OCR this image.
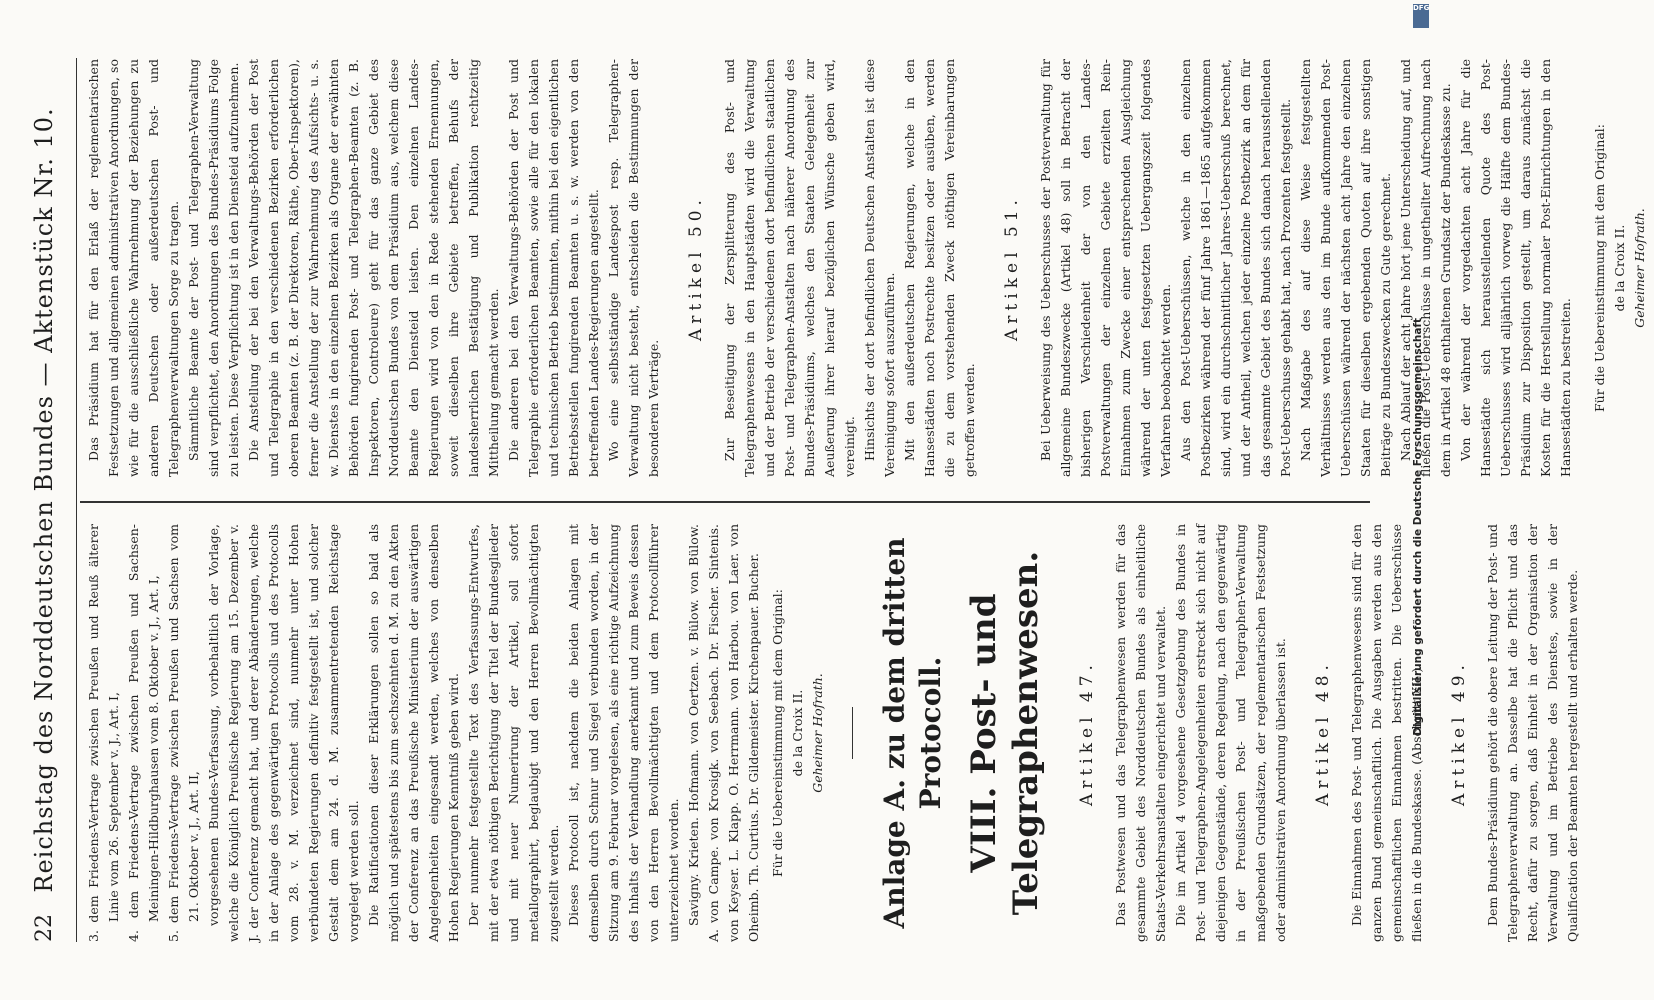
22
Reichstag des Norddeutschen Bundes — Aktenstück Nr. 10. 3. dem Friedens-Vertrage zwischen Preußen und Reuß älterer Linie vom 26. September v. J., Art. I, 4. dem Friedens-Vertrage zwischen Preußen und Sachsen-Meiningen-Hildburghausen vom 8. Oktober v. J., Art. I, 5. dem Friedens-Vertrage zwischen Preußen und Sachsen vom 21. Oktober v. J., Art. II, vorgesehenen Bundes-Verfassung, vorbehaltlich der Vorlage, welche die Königlich Preußische Regierung am 15. Dezember v. J. der Conferenz gemacht hat, und derer Abänderungen, welche in der Anlage des gegenwärtigen Protocolls und des Protocolls vom 28. v. M. verzeichnet sind, nunmehr unter Hohen verbündeten Regierungen definitiv festgestellt ist, und solcher Gestalt dem am 24. d. M. zusammentretenden Reichstage vorgelegt werden soll. Die Ratificationen dieser Erklärungen sollen so bald als möglich und spätestens bis zum sechszehnten d. M. zu den Akten der Conferenz an das Preußische Ministerium der auswärtigen Angelegenheiten eingesandt werden, welches von denselben Hohen Regierungen Kenntniß geben wird. Der nunmehr festgestellte Text des Verfassungs-Entwurfes, mit der etwa nöthigen Berichtigung der Titel der Bundesglieder und mit neuer Numerirung der Artikel, soll sofort metallographirt, beglaubigt und den Herren Bevollmächtigten zugestellt werden. Dieses Protocoll ist, nachdem die beiden Anlagen mit demselben durch Schnur und Siegel verbunden worden, in der Sitzung am 9. Februar vorgelesen, als eine richtige Aufzeichnung des Inhalts der Verhandlung anerkannt und zum Beweis dessen von den Herren Bevollmächtigten und dem Protocollführer unterzeichnet worden. Savigny. Krieten. Hofmann. von Oertzen. v. Bülow. von Bülow. A. von Campe. von Krosigk. von Seebach. Dr. Fischer. Sintenis. von Keyser. L. Klapp. O. Herrmann. von Harbou. von Laer. von Oheimb. Th. Curtius. Dr. Gildemeister. Kirchenpauer. Bucher. Für die Uebereinstimmung mit dem Original: de la Croix II. Geheimer Hofrath. Anlage A. zu dem dritten Protocoll. VIII. Post- und Telegraphenwesen. Artikel 47. Das Postwesen und das Telegraphenwesen werden für das gesammte Gebiet des Norddeutschen Bundes als einheitliche Staats-Verkehrsanstalten eingerichtet und verwaltet. Die im Artikel 4 vorgesehene Gesetzgebung des Bundes in Post- und Telegraphen-Angelegenheiten erstreckt sich nicht auf diejenigen Gegenstände, deren Regelung, nach den gegenwärtig in der Preußischen Post- und Telegraphen-Verwaltung maßgebenden Grundsätzen, der reglementarischen Festsetzung oder administrativen Anordnung überlassen ist. Artikel 48. Die Einnahmen des Post- und Telegraphenwesens sind für den ganzen Bund gemeinschaftlich. Die Ausgaben werden aus den gemeinschaftlichen Einnahmen bestritten. Die Ueberschüsse fließen in die Bundeskasse. (Abschnitt XII.) Artikel 49. Dem Bundes-Präsidium gehört die obere Leitung der Post- und Telegraphenverwaltung an. Dasselbe hat die Pflicht und das Recht, dafür zu sorgen, daß Einheit in der Organisation der Verwaltung und im Betriebe des Dienstes, sowie in der Qualification der Beamten hergestellt und erhalten werde.

Das Präsidium hat für den Erlaß der reglementarischen Festsetzungen und allgemeinen administrativen Anordnungen, so wie für die ausschließliche Wahrnehmung der Beziehungen zu anderen Deutschen oder außerdeutschen Post- und Telegraphenverwaltungen Sorge zu tragen. Sämmtliche Beamte der Post- und Telegraphen-Verwaltung sind verpflichtet, den Anordnungen des Bundes-Präsidiums Folge zu leisten. Diese Verpflichtung ist in den Diensteid aufzunehmen. Die Anstellung der bei den Verwaltungs-Behörden der Post und Telegraphie in den verschiedenen Bezirken erforderlichen oberen Beamten (z. B. der Direktoren, Räthe, Ober-Inspektoren), ferner die Anstellung der zur Wahrnehmung des Aufsichts- u. s. w. Dienstes in den einzelnen Bezirken als Organe der erwähnten Behörden fungirenden Post- und Telegraphen-Beamten (z. B. Inspektoren, Controleure) geht für das ganze Gebiet des Norddeutschen Bundes von dem Präsidium aus, welchem diese Beamte den Diensteid leisten. Den einzelnen Landes-Regierungen wird von den in Rede stehenden Ernennungen, soweit dieselben ihre Gebiete betreffen, Behufs der landesherrlichen Bestätigung und Publikation rechtzeitig Mittheilung gemacht werden. Die anderen bei den Verwaltungs-Behörden der Post und Telegraphie erforderlichen Beamten, sowie alle für den lokalen und technischen Betrieb bestimmten, mithin bei den eigentlichen Betriebsstellen fungirenden Beamten u. s. w. werden von den betreffenden Landes-Regierungen angestellt. Wo eine selbstständige Landespost resp. Telegraphen-Verwaltung nicht besteht, entscheiden die Bestimmungen der besonderen Verträge.

Artikel 50. Zur Beseitigung der Zersplitterung des Post- und Telegraphenwesens in den Hauptstädten wird die Verwaltung und der Betrieb der verschiedenen dort befindlichen staatlichen Post- und Telegraphen-Anstalten nach näherer Anordnung des Bundes-Präsidiums, welches den Staaten Gelegenheit zur Aeußerung ihrer hierauf bezüglichen Wünsche geben wird, vereinigt. Hinsichts der dort befindlichen Deutschen Anstalten ist diese Vereinigung sofort auszuführen. Mit den außerdeutschen Regierungen, welche in den Hansestädten noch Postrechte besitzen oder ausüben, werden die zu dem vorstehenden Zweck nöthigen Vereinbarungen getroffen werden.

Artikel 51. Bei Ueberweisung des Ueberschusses der Postverwaltung für allgemeine Bundeszwecke (Artikel 48) soll in Betracht der bisherigen Verschiedenheit der von den Landes-Postverwaltungen der einzelnen Gebiete erzielten Rein-Einnahmen zum Zwecke einer entsprechenden Ausgleichung während der unten festgesetzten Uebergangszeit folgendes Verfahren beobachtet werden. Aus den Post-Ueberschüssen, welche in den einzelnen Postbezirken während der fünf Jahre 1861—1865 aufgekommen sind, wird ein durchschnittlicher Jahres-Ueberschuß berechnet, und der Antheil, welchen jeder einzelne Postbezirk an dem für das gesammte Gebiet des Bundes sich danach herausstellenden Post-Ueberschusse gehabt hat, nach Prozenten festgestellt. Nach Maßgabe des auf diese Weise festgestellten Verhältnisses werden aus den im Bunde aufkommenden Post-Ueberschüssen während der nächsten acht Jahre den einzelnen Staaten für dieselben ergebenden Quoten auf ihre sonstigen Beiträge zu Bundeszwecken zu Gute gerechnet. Nach Ablauf der acht Jahre hört jene Unterscheidung auf, und fließen die Post-Ueberschüsse in ungetheilter Aufrechnung nach dem in Artikel 48 enthaltenen Grundsatz der Bundeskasse zu. Von der während der vorgedachten acht Jahre für die Hansestädte sich herausstellenden Quote des Post-Ueberschusses wird alljährlich vorweg die Hälfte dem Bundes-Präsidium zur Disposition gestellt, um daraus zunächst die Kosten für die Herstellung normaler Post-Einrichtungen in den Hansestädten zu bestreiten. Für die Uebereinstimmung mit dem Original: de la Croix II. Geheimer Hofrath.
Digitalisierung gefördert durch die Deutsche Forschungsgemeinschaft
DFG
